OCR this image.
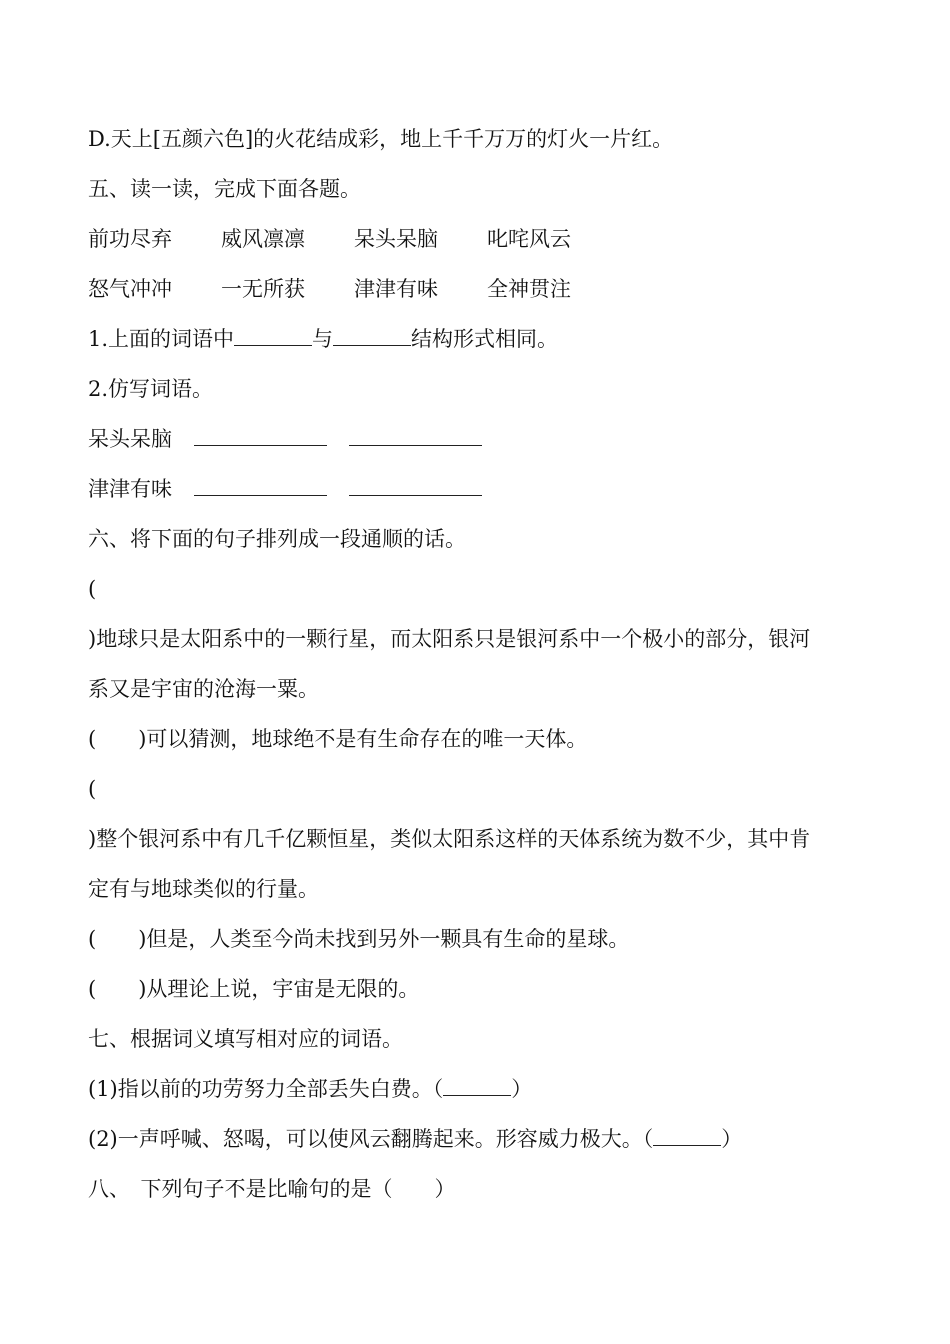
D.天上[五颜六色]的火花结成彩，地上千千万万的灯火一片红。
五、读一读，完成下面各题。
前功尽弃 威风凛凛 呆头呆脑 叱咤风云
怒气冲冲 一无所获 津津有味 全神贯注
1.上面的词语中	与	结构形式相同。
2.仿写词语。
呆头呆脑
津津有味
六、将下面的句子排列成一段通顺的话。
(
)地球只是太阳系中的一颗行星，而太阳系只是银河系中一个极小的部分，银河
系又是宇宙的沧海一粟。
(　　)可以猜测，地球绝不是有生命存在的唯一天体。
(
)整个银河系中有几千亿颗恒星，类似太阳系这样的天体系统为数不少，其中肯
定有与地球类似的行量。
(　　)但是，人类至今尚未找到另外一颗具有生命的星球。
(　　)从理论上说，宇宙是无限的。
七、根据词义填写相对应的词语。
(1)指以前的功劳努力全部丢失白费。（	）
(2)一声呼喊、怒喝，可以使风云翻腾起来。形容威力极大。（	）
八、　下列句子不是比喻句的是（　　）
